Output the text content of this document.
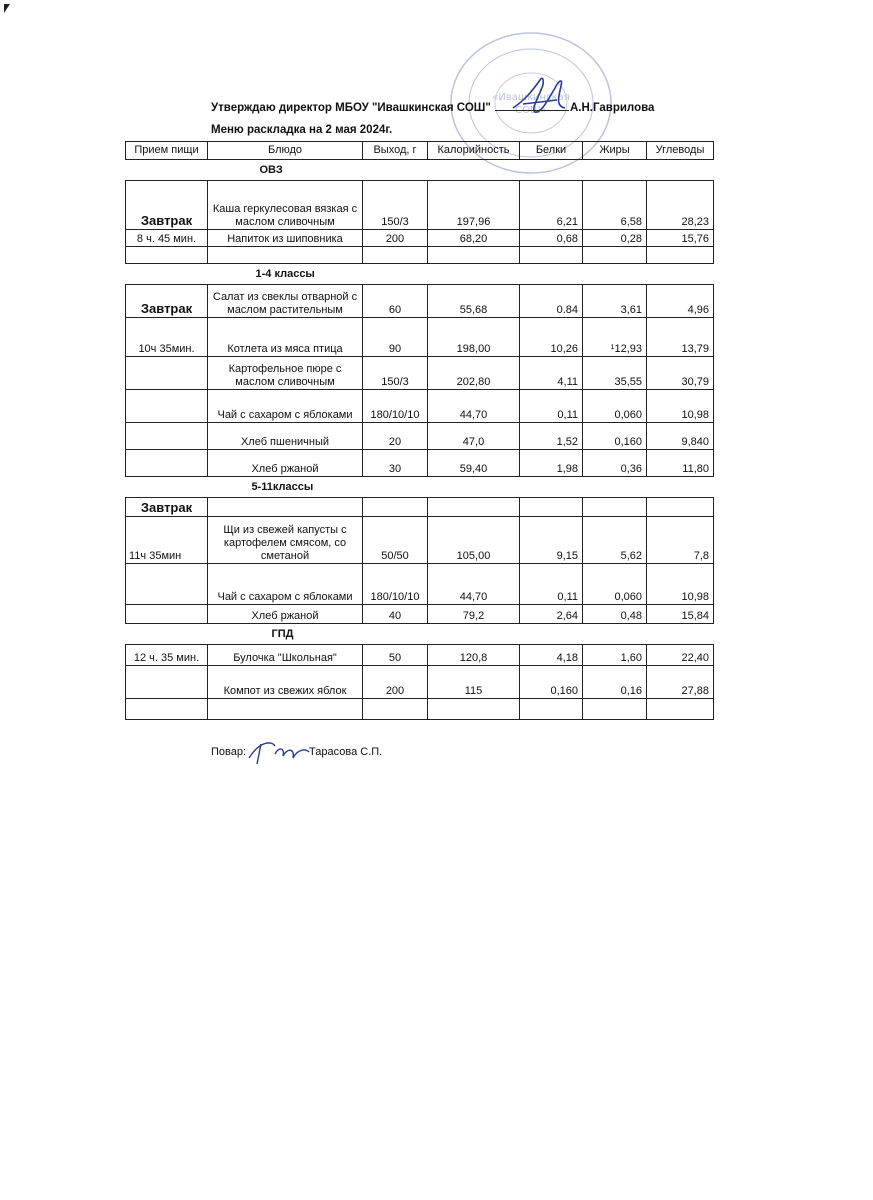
«Ивашкинская
СОШ»
Утверждаю директор МБОУ "Ивашкинская СОШ"	А.Н.Гаврилова
Меню раскладка на 2 мая 2024г.
Прием пищи	Блюдо	Выход, г	Калорийность	Белки	Жиры	Углеводы
	ОВЗ					
Завтрак	Каша геркулесовая вязкая с маслом сливочным	150/3	197,96	6,21	6,58	28,23
8 ч. 45 мин.	Напиток из шиповника	200	68,20	0,68	0,28	15,76

	1-4 классы					
Завтрак	Салат из свеклы отварной с маслом растительным	60	55,68	0.84	3,61	4,96
10ч 35мин.	Котлета из мяса птица	90	198,00	10,26	¹12,93	13,79
	Картофельное пюре с маслом сливочным	150/3	202,80	4,11	35,55	30,79
	Чай с сахаром с яблоками	180/10/10	44,70	0,11	0,060	10,98
	Хлеб пшеничный	20	47,0	1,52	0,160	9,840
	Хлеб ржаной	30	59,40	1,98	0,36	11,80
	5-11классы					
Завтрак						
11ч 35мин	Щи из свежей капусты с картофелем смясом, со сметаной	50/50	105,00	9,15	5,62	7,8
	Чай с сахаром с яблоками	180/10/10	44,70	0,11	0,060	10,98
	Хлеб ржаной	40	79,2	2,64	0,48	15,84
	ГПД					
12 ч. 35 мин.	Булочка "Школьная"	50	120,8	4,18	1,60	22,40
	Компот из свежих яблок	200	115	0,160	0,16	27,88

Повар:	Тарасова С.П.
